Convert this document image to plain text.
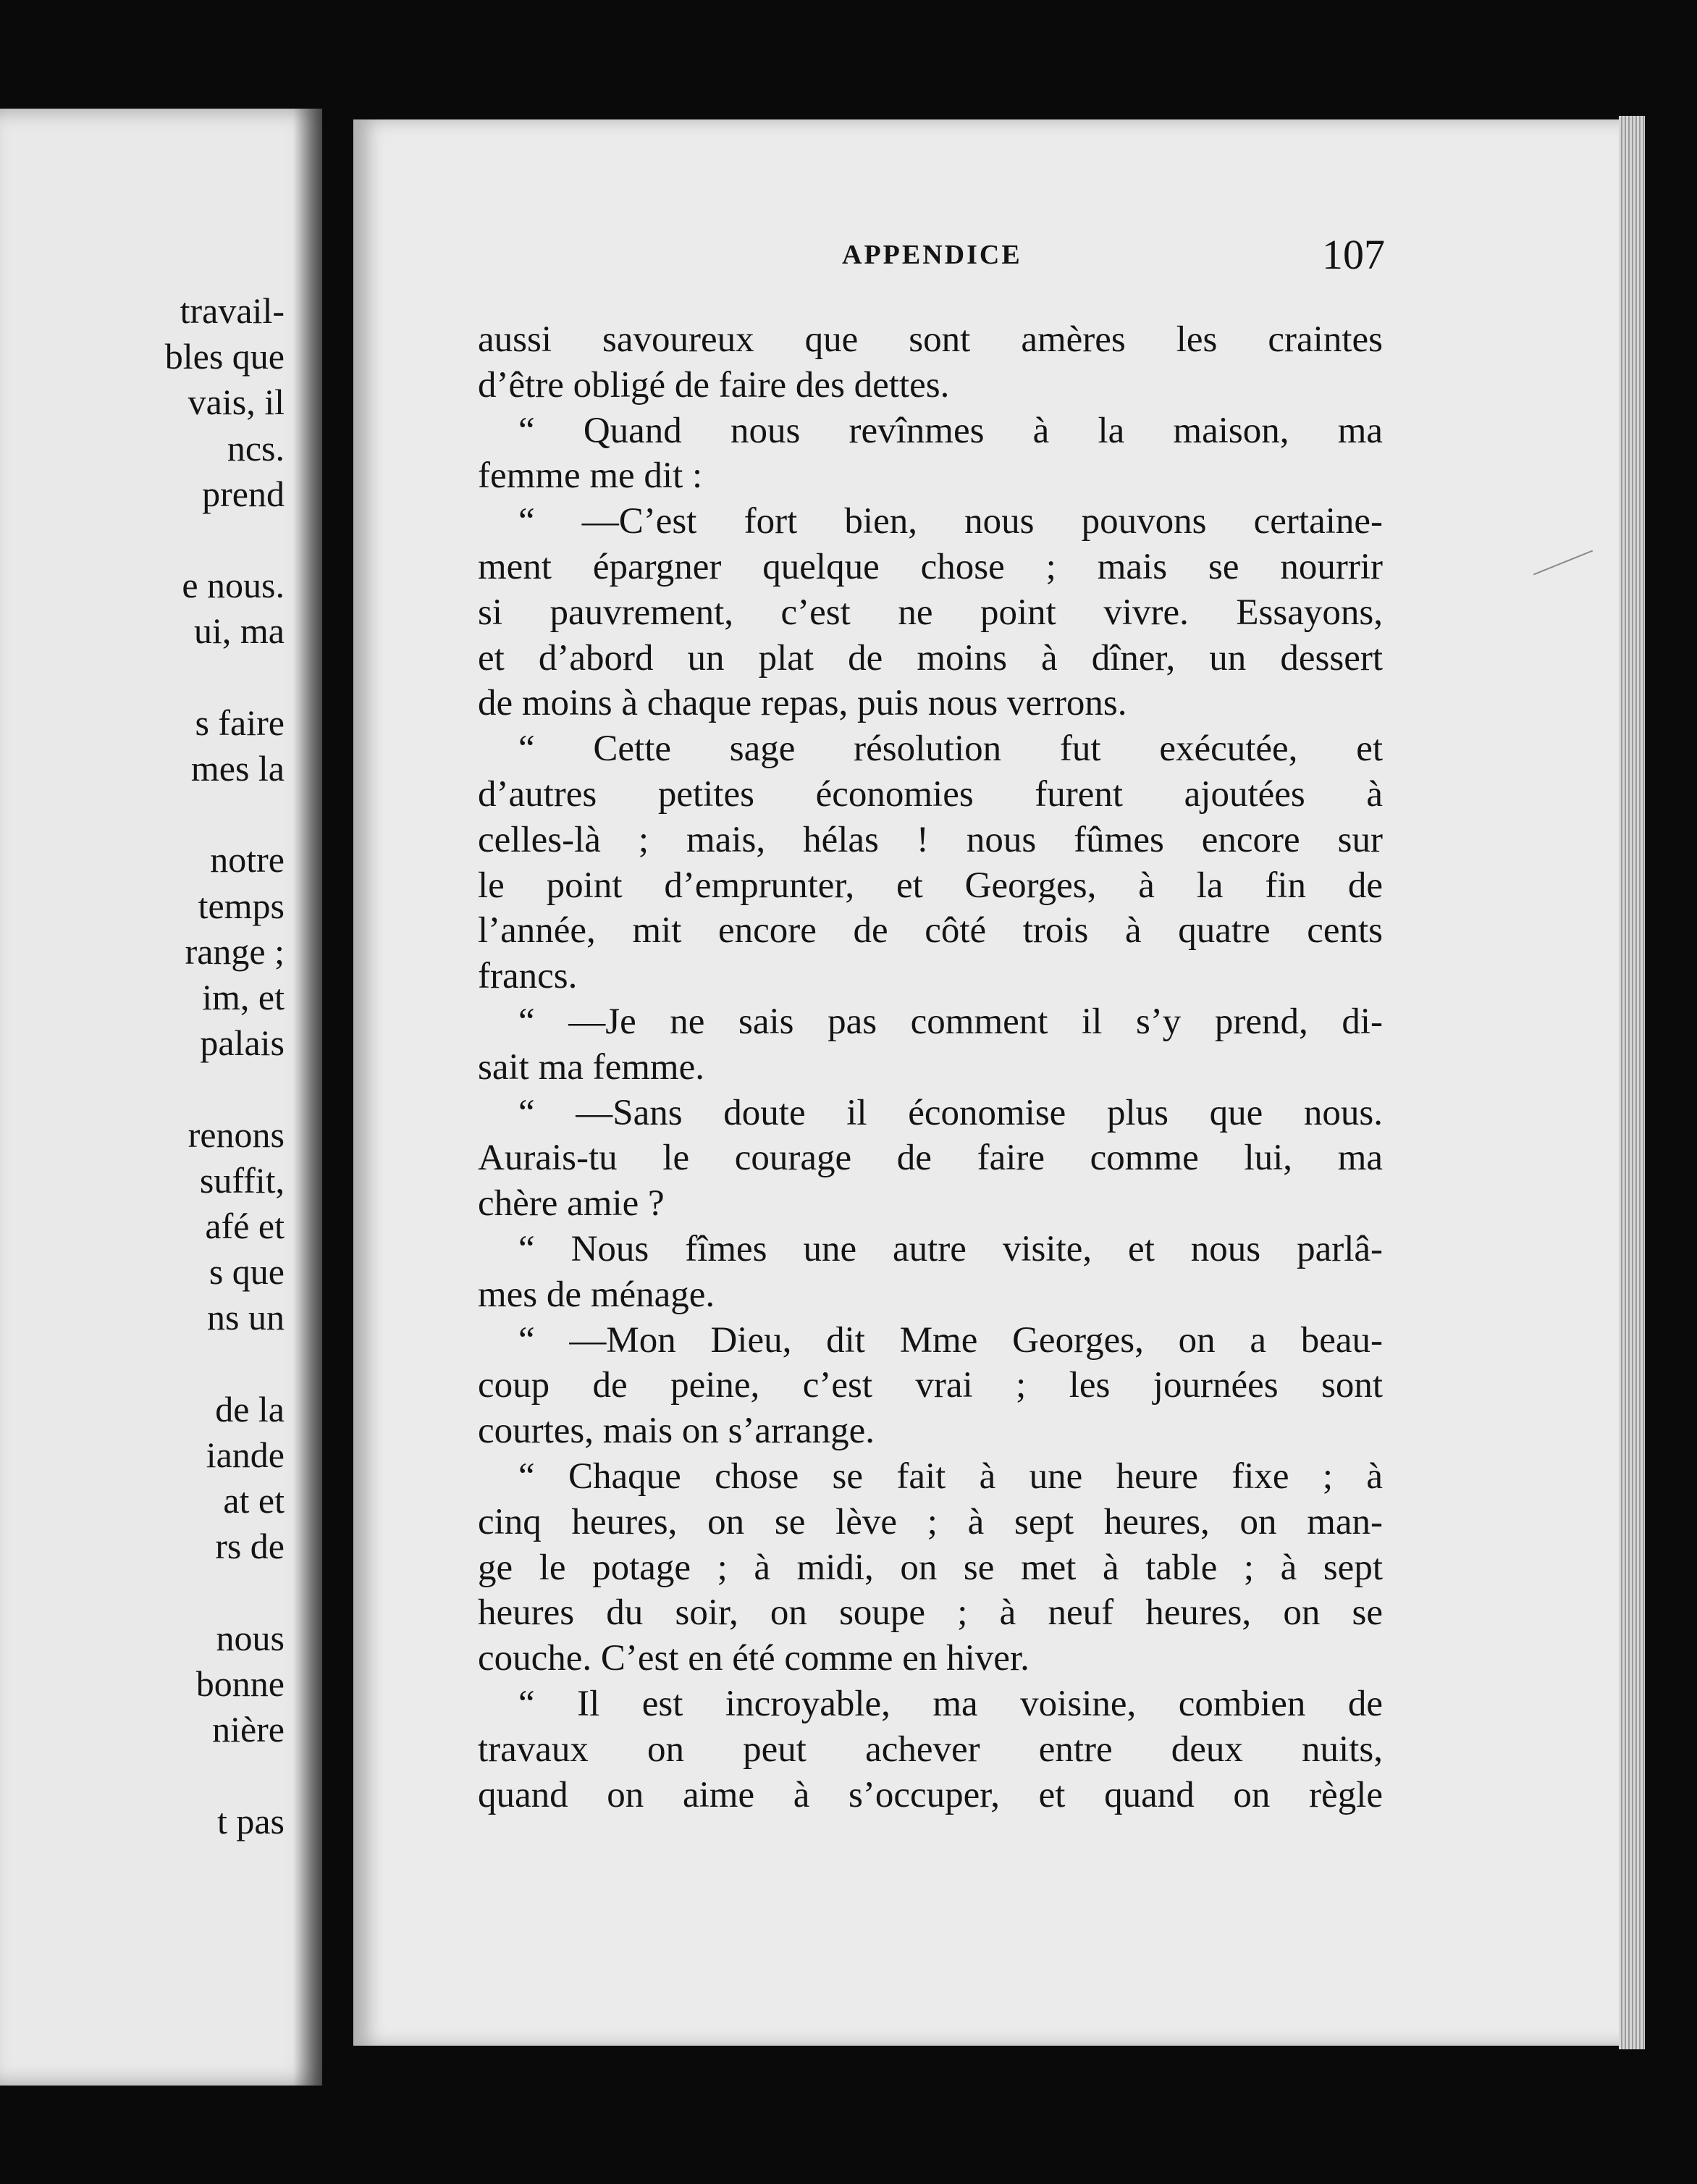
travail-
bles que
vais, il
ncs.
prend
e nous.
ui, ma
s faire
mes la
notre
temps
range ;
im, et
palais
renons
suffit,
afé et
s que
ns un
de la
iande
at et
rs de
nous
bonne
nière
t pas
APPENDICE	107
aussi savoureux que sont amères les craintes
d’être obligé de faire des dettes.
“ Quand nous revînmes à la maison, ma
femme me dit :
“ —C’est fort bien, nous pouvons certaine-
ment épargner quelque chose ; mais se nourrir
si pauvrement, c’est ne point vivre. Essayons,
et d’abord un plat de moins à dîner, un dessert
de moins à chaque repas, puis nous verrons.
“ Cette sage résolution fut exécutée, et
d’autres petites économies furent ajoutées à
celles-là ; mais, hélas ! nous fûmes encore sur
le point d’emprunter, et Georges, à la fin de
l’année, mit encore de côté trois à quatre cents
francs.
“ —Je ne sais pas comment il s’y prend, di-
sait ma femme.
“ —Sans doute il économise plus que nous.
Aurais-tu le courage de faire comme lui, ma
chère amie ?
“ Nous fîmes une autre visite, et nous parlâ-
mes de ménage.
“ —Mon Dieu, dit Mme Georges, on a beau-
coup de peine, c’est vrai ; les journées sont
courtes, mais on s’arrange.
“ Chaque chose se fait à une heure fixe ; à
cinq heures, on se lève ; à sept heures, on man-
ge le potage ; à midi, on se met à table ; à sept
heures du soir, on soupe ; à neuf heures, on se
couche. C’est en été comme en hiver.
“ Il est incroyable, ma voisine, combien de
travaux on peut achever entre deux nuits,
quand on aime à s’occuper, et quand on règle
